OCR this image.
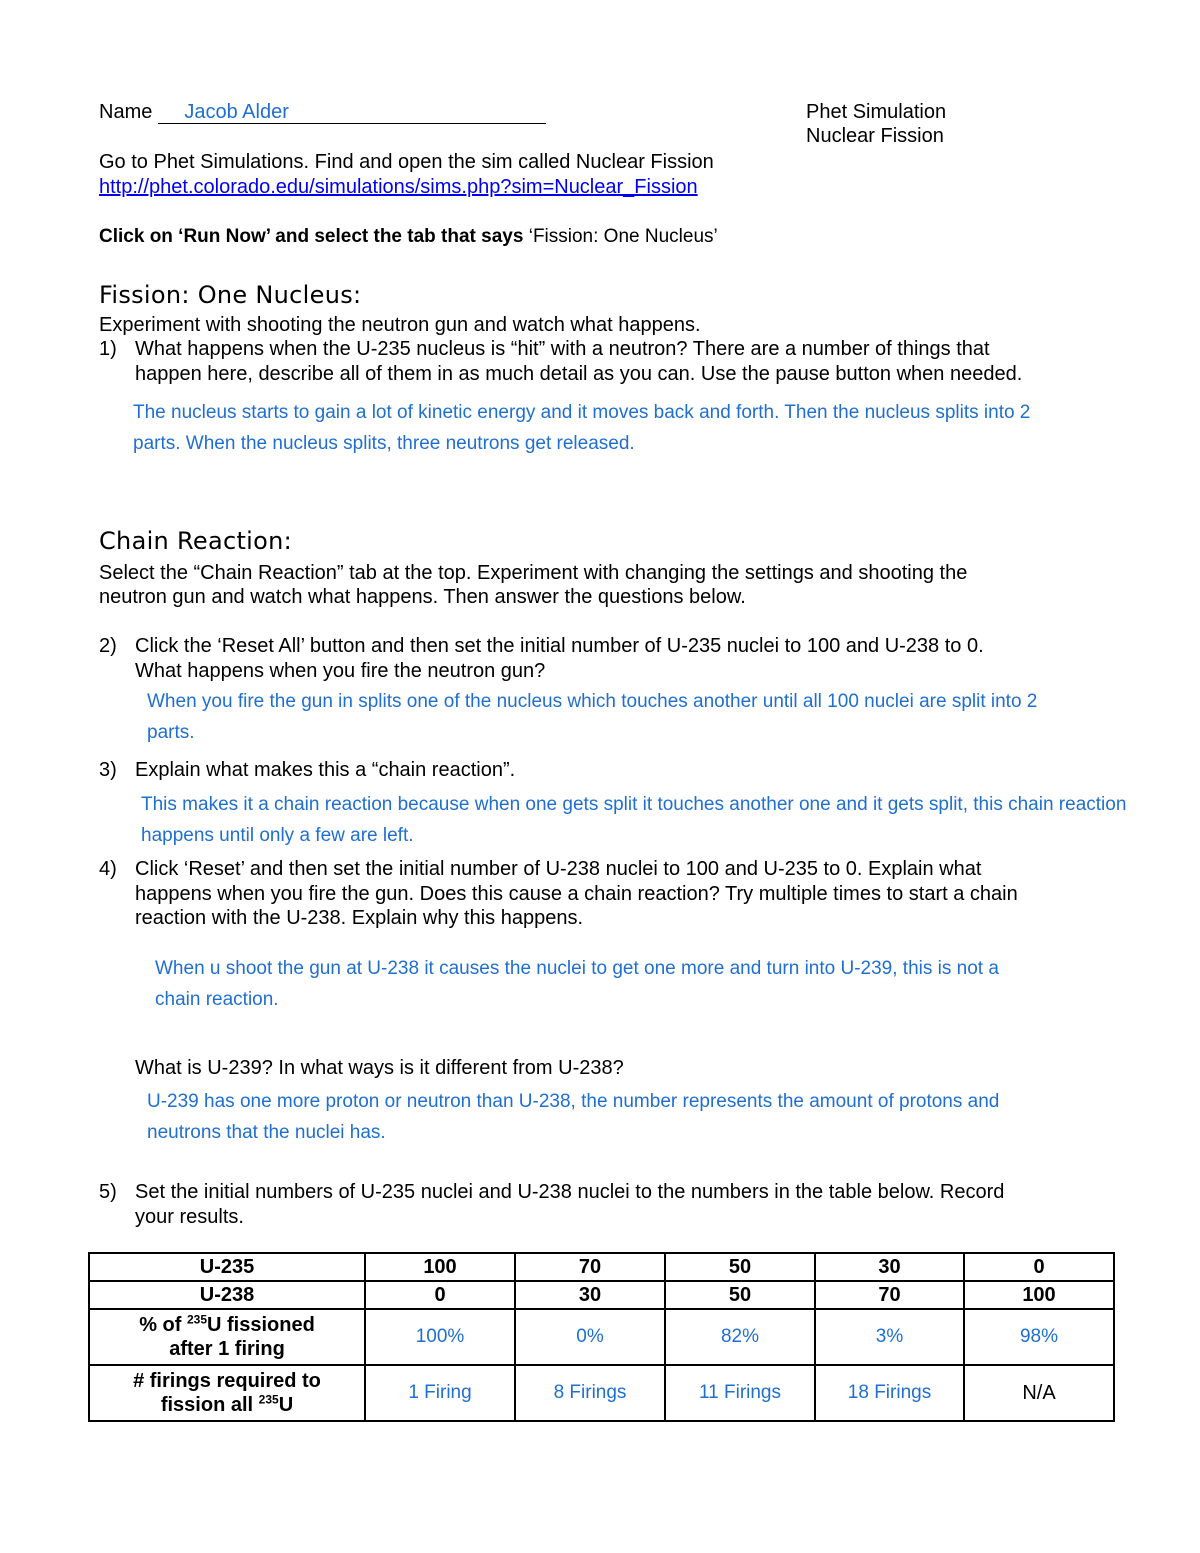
Name Jacob Alder	Phet Simulation
Nuclear Fission
Go to Phet Simulations. Find and open the sim called Nuclear Fission
http://phet.colorado.edu/simulations/sims.php?sim=Nuclear_Fission
Click on ‘Run Now’ and select the tab that says ‘Fission: One Nucleus’
Fission: One Nucleus:
Experiment with shooting the neutron gun and watch what happens.
1) What happens when the U-235 nucleus is “hit” with a neutron? There are a number of things that
happen here, describe all of them in as much detail as you can. Use the pause button when needed.
The nucleus starts to gain a lot of kinetic energy and it moves back and forth. Then the nucleus splits into 2 parts. When the nucleus splits, three neutrons get released.
Chain Reaction:
Select the “Chain Reaction” tab at the top. Experiment with changing the settings and shooting the
neutron gun and watch what happens. Then answer the questions below.
2) Click the ‘Reset All’ button and then set the initial number of U-235 nuclei to 100 and U-238 to 0.
What happens when you fire the neutron gun?
When you fire the gun in splits one of the nucleus which touches another until all 100 nuclei are split into 2 parts.
3) Explain what makes this a “chain reaction”.
This makes it a chain reaction because when one gets split it touches another one and it gets split, this chain reaction happens until only a few are left.
4) Click ‘Reset’ and then set the initial number of U-238 nuclei to 100 and U-235 to 0. Explain what
happens when you fire the gun. Does this cause a chain reaction? Try multiple times to start a chain
reaction with the U-238. Explain why this happens.
When u shoot the gun at U-238 it causes the nuclei to get one more and turn into U-239, this is not a chain reaction.
What is U-239? In what ways is it different from U-238?
U-239 has one more proton or neutron than U-238, the number represents the amount of protons and neutrons that the nuclei has.
5) Set the initial numbers of U-235 nuclei and U-238 nuclei to the numbers in the table below. Record
your results.
U-235	100	70	50	30	0
U-238	0	30	50	70	100
% of $^{235}$U fissioned
after 1 firing	100%	0%	82%	3%	98%
# firings required to
fission all $^{235}$U	1 Firing	8 Firings	11 Firings	18 Firings	N/A
